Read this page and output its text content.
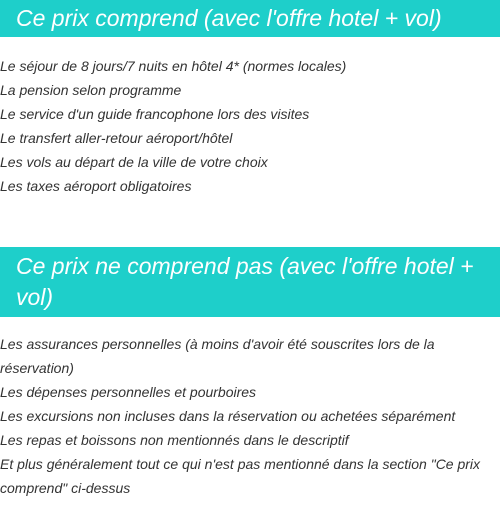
Ce prix comprend (avec l'offre hotel + vol)
Le séjour de 8 jours/7 nuits en hôtel 4* (normes locales)
La pension selon programme
Le service d'un guide francophone lors des visites
Le transfert aller-retour aéroport/hôtel
Les vols au départ de la ville de votre choix
Les taxes aéroport obligatoires
Ce prix ne comprend pas (avec l'offre hotel + vol)
Les assurances personnelles (à moins d'avoir été souscrites lors de la réservation)
Les dépenses personnelles et pourboires
Les excursions non incluses dans la réservation ou achetées séparément
Les repas et boissons non mentionnés dans le descriptif
Et plus généralement tout ce qui n'est pas mentionné dans la section "Ce prix comprend" ci-dessus
